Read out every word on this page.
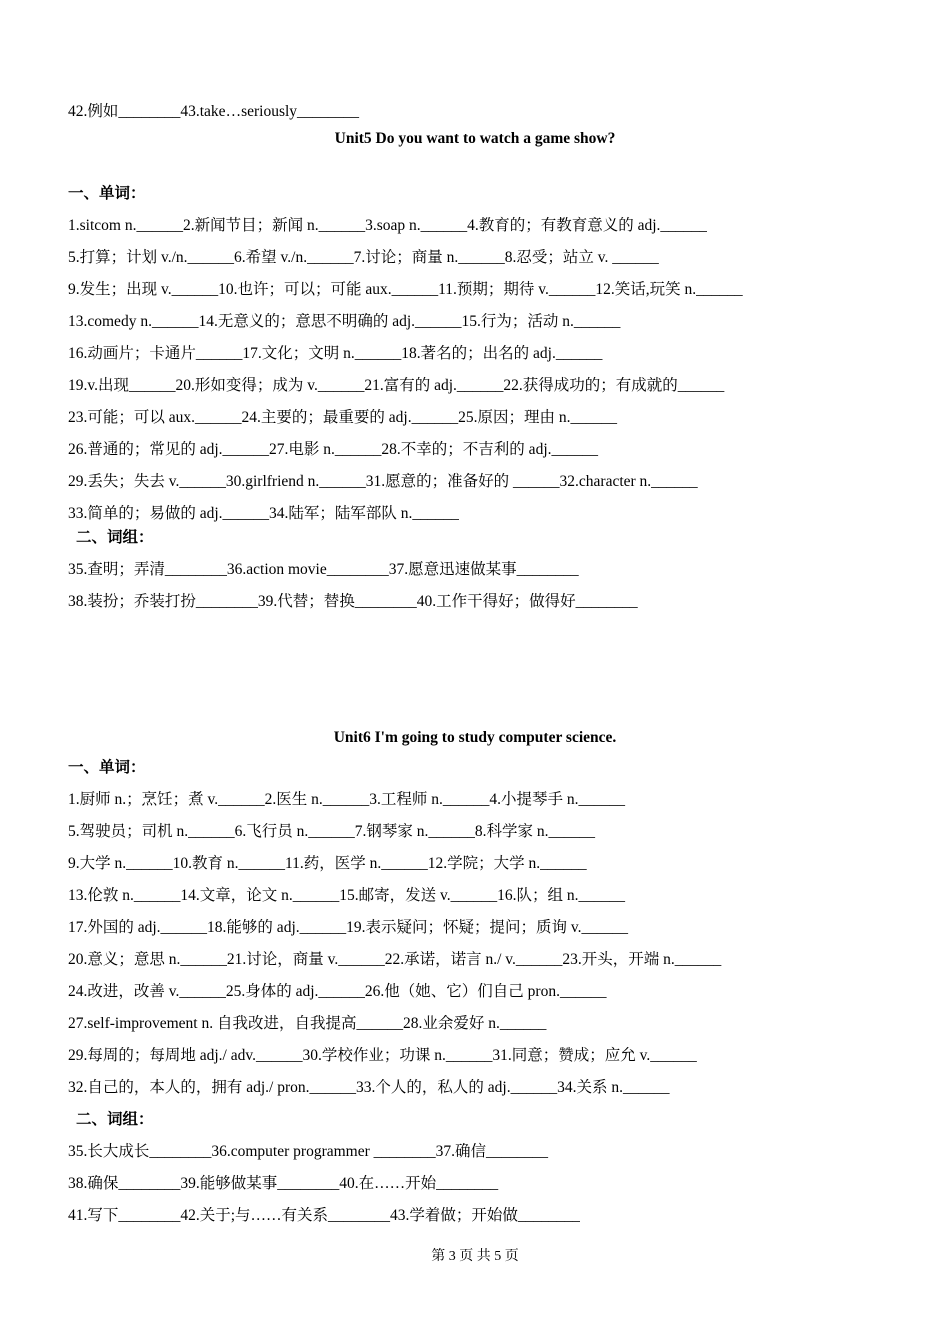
42.例如________43.take…seriously________
Unit5 Do you want to watch a game show?
一、单词：
1.sitcom n.______2.新闻节目；新闻 n.______3.soap n.______4.教育的；有教育意义的 adj.______
5.打算；计划 v./n.______6.希望 v./n.______7.讨论；商量 n.______8.忍受；站立 v. ______
9.发生；出现 v.______10.也许；可以；可能 aux.______11.预期；期待 v.______12.笑话,玩笑 n.______
13.comedy n.______14.无意义的；意思不明确的 adj.______15.行为；活动 n.______
16.动画片；卡通片______17.文化；文明 n.______18.著名的；出名的 adj.______
19.v.出现______20.形如变得；成为 v.______21.富有的 adj.______22.获得成功的；有成就的______
23.可能；可以 aux.______24.主要的；最重要的 adj.______25.原因；理由 n.______
26.普通的；常见的 adj.______27.电影 n.______28.不幸的；不吉利的 adj.______
29.丢失；失去 v.______30.girlfriend n.______31.愿意的；准备好的 ______32.character n.______
33.简单的；易做的 adj.______34.陆军；陆军部队 n.______
二、词组：
35.查明；弄清________36.action movie________37.愿意迅速做某事________
38.装扮；乔装打扮________39.代替；替换________40.工作干得好；做得好________
Unit6 I'm going to study computer science.
一、单词：
1.厨师 n.；烹饪；煮 v.______2.医生 n.______3.工程师 n.______4.小提琴手 n.______
5.驾驶员；司机 n.______6.飞行员 n.______7.钢琴家 n.______8.科学家 n.______
9.大学 n.______10.教育 n.______11.药，医学 n.______12.学院；大学 n.______
13.伦敦 n.______14.文章，论文 n.______15.邮寄，发送 v.______16.队；组 n.______
17.外国的 adj.______18.能够的 adj.______19.表示疑问；怀疑；提问；质询 v.______
20.意义；意思 n.______21.讨论，商量 v.______22.承诺，诺言 n./ v.______23.开头，开端 n.______
24.改进，改善 v.______25.身体的 adj.______26.他（她、它）们自己 pron.______
27.self-improvement n. 自我改进，自我提高______28.业余爱好 n.______
29.每周的；每周地 adj./ adv.______30.学校作业；功课 n.______31.同意；赞成；应允 v.______
32.自己的，本人的，拥有 adj./ pron.______33.个人的，私人的 adj.______34.关系 n.______
二、词组：
35.长大成长________36.computer programmer ________37.确信________
38.确保________39.能够做某事________40.在……开始________
41.写下________42.关于;与……有关系________43.学着做；开始做________
第 3 页 共 5 页
